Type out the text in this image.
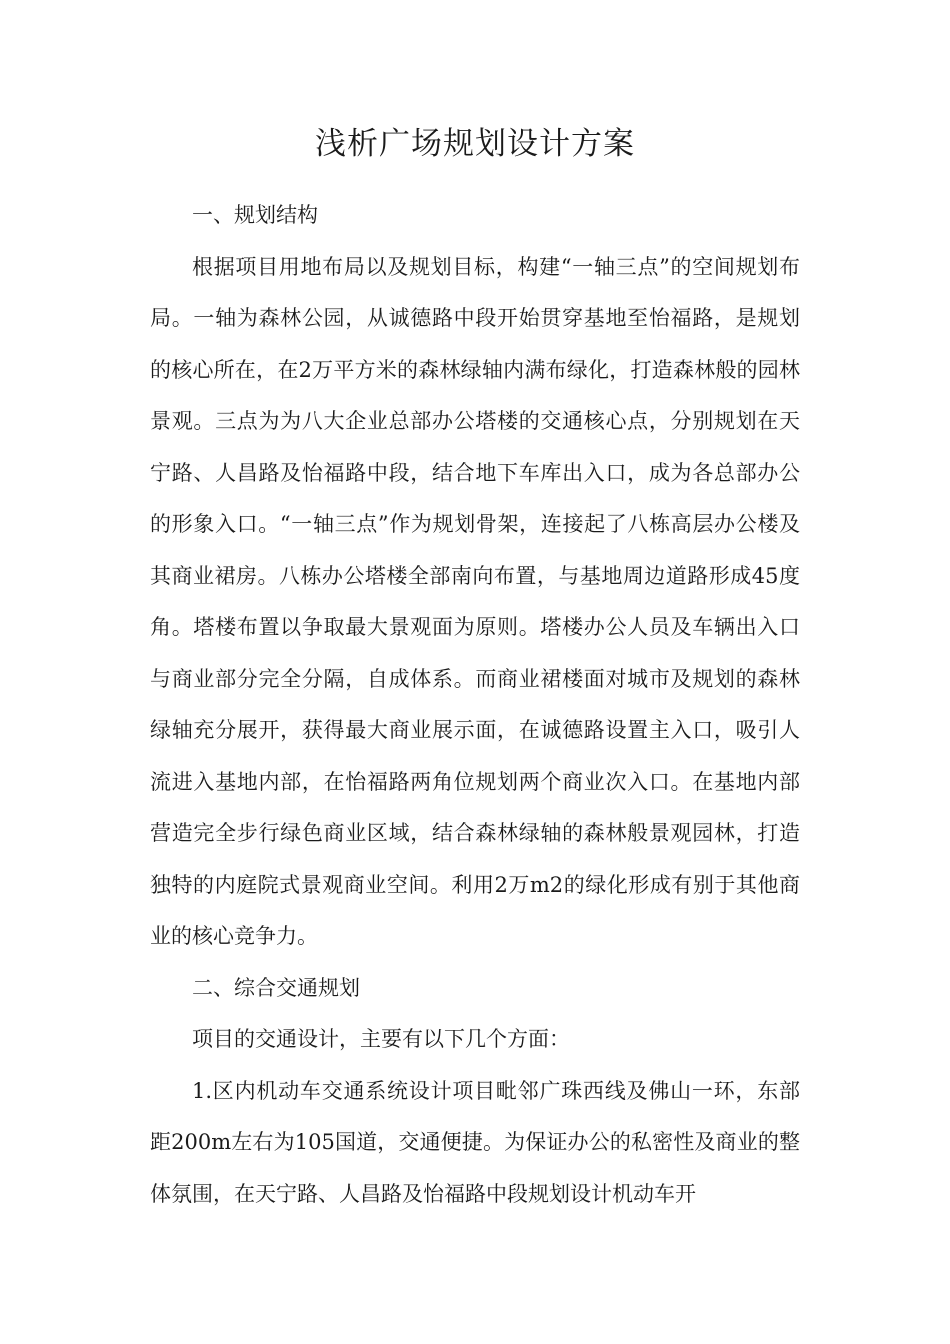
浅析广场规划设计方案

一、规划结构

根据项目用地布局以及规划目标，构建“一轴三点”的空间规划布局。一轴为森林公园，从诚德路中段开始贯穿基地至怡福路，是规划的核心所在，在2万平方米的森林绿轴内满布绿化，打造森林般的园林景观。三点为为八大企业总部办公塔楼的交通核心点，分别规划在天宁路、人昌路及怡福路中段，结合地下车库出入口，成为各总部办公的形象入口。“一轴三点”作为规划骨架，连接起了八栋高层办公楼及其商业裙房。八栋办公塔楼全部南向布置，与基地周边道路形成45度角。塔楼布置以争取最大景观面为原则。塔楼办公人员及车辆出入口与商业部分完全分隔，自成体系。而商业裙楼面对城市及规划的森林绿轴充分展开，获得最大商业展示面，在诚德路设置主入口，吸引人流进入基地内部，在怡福路两角位规划两个商业次入口。在基地内部营造完全步行绿色商业区域，结合森林绿轴的森林般景观园林，打造独特的内庭院式景观商业空间。利用2万m2的绿化形成有别于其他商业的核心竞争力。

二、综合交通规划

项目的交通设计，主要有以下几个方面：

1.区内机动车交通系统设计项目毗邻广珠西线及佛山一环，东部距200m左右为105国道，交通便捷。为保证办公的私密性及商业的整体氛围，在天宁路、人昌路及怡福路中段规划设计机动车开
